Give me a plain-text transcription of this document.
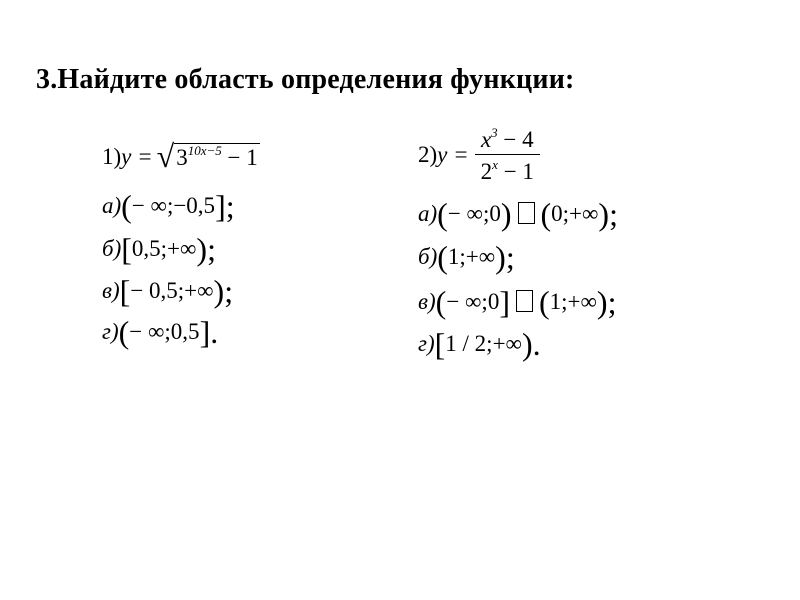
3.Найдите область определения функции:
1) y = √ $3^{10x-5} - 1$
а)(− ∞;−0,5];
б)[0,5;+∞);
в)[− 0,5;+∞);
г)(− ∞;0,5].
2) $y = \frac{x^3 - 4}{2^x - 1}$
а)(− ∞;0) (0;+∞);
б)(1;+∞);
в)(− ∞;0] (1;+∞);
г)[1 / 2;+∞).
